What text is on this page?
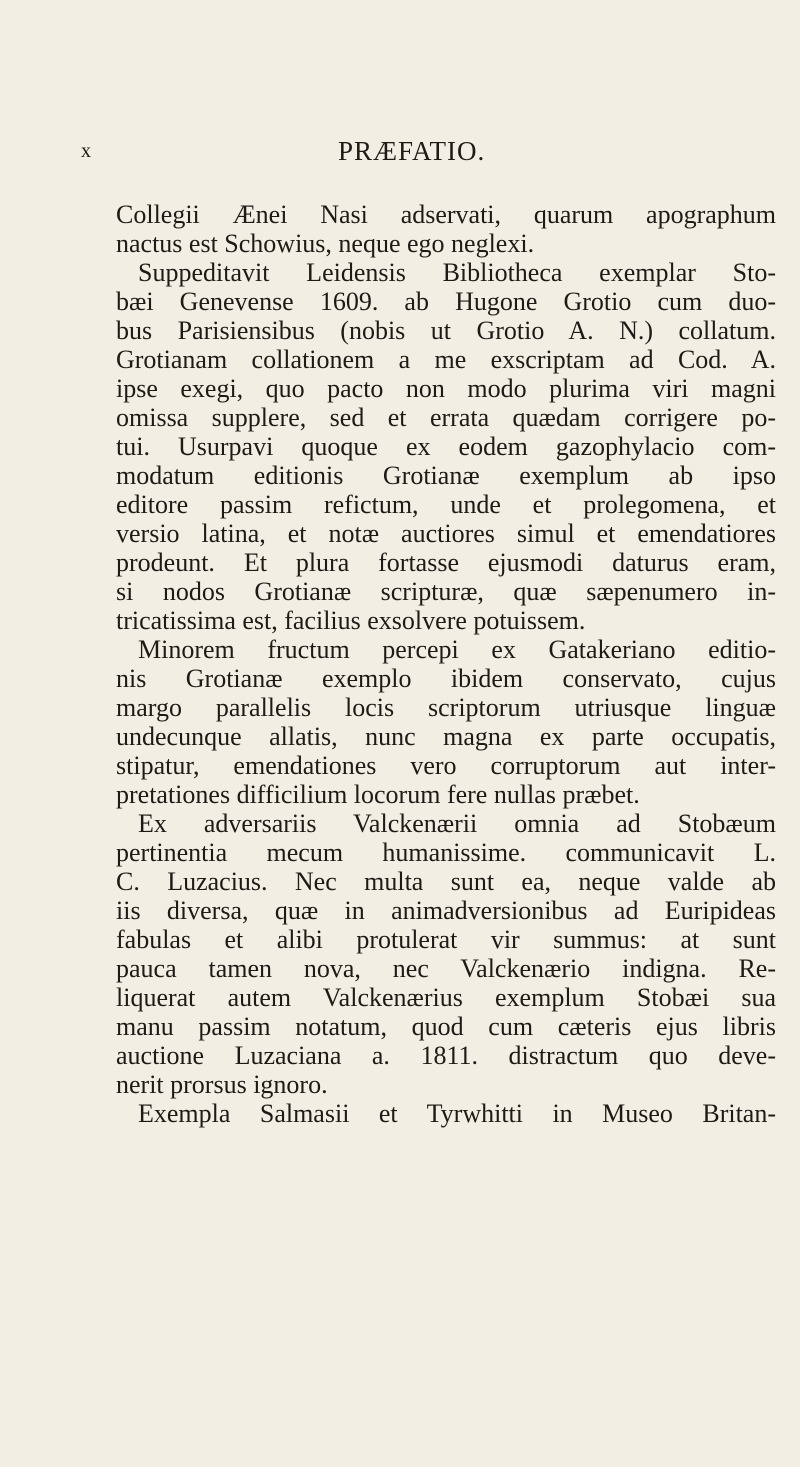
x	PRÆFATIO.
Collegii Ænei Nasi adservati, quarum apographum
nactus est Schowius, neque ego neglexi.
Suppeditavit Leidensis Bibliotheca exemplar Sto-
bæi Genevense 1609. ab Hugone Grotio cum duo-
bus Parisiensibus (nobis ut Grotio A. N.) collatum.
Grotianam collationem a me exscriptam ad Cod. A.
ipse exegi, quo pacto non modo plurima viri magni
omissa supplere, sed et errata quædam corrigere po-
tui. Usurpavi quoque ex eodem gazophylacio com-
modatum editionis Grotianæ exemplum ab ipso
editore passim refictum, unde et prolegomena, et
versio latina, et notæ auctiores simul et emendatiores
prodeunt. Et plura fortasse ejusmodi daturus eram,
si nodos Grotianæ scripturæ, quæ sæpenumero in-
tricatissima est, facilius exsolvere potuissem.
Minorem fructum percepi ex Gatakeriano editio-
nis Grotianæ exemplo ibidem conservato, cujus
margo parallelis locis scriptorum utriusque linguæ
undecunque allatis, nunc magna ex parte occupatis,
stipatur, emendationes vero corruptorum aut inter-
pretationes difficilium locorum fere nullas præbet.
Ex adversariis Valckenærii omnia ad Stobæum
pertinentia mecum humanissime. communicavit L.
C. Luzacius. Nec multa sunt ea, neque valde ab
iis diversa, quæ in animadversionibus ad Euripideas
fabulas et alibi protulerat vir summus: at sunt
pauca tamen nova, nec Valckenærio indigna. Re-
liquerat autem Valckenærius exemplum Stobæi sua
manu passim notatum, quod cum cæteris ejus libris
auctione Luzaciana a. 1811. distractum quo deve-
nerit prorsus ignoro.
Exempla Salmasii et Tyrwhitti in Museo Britan-
